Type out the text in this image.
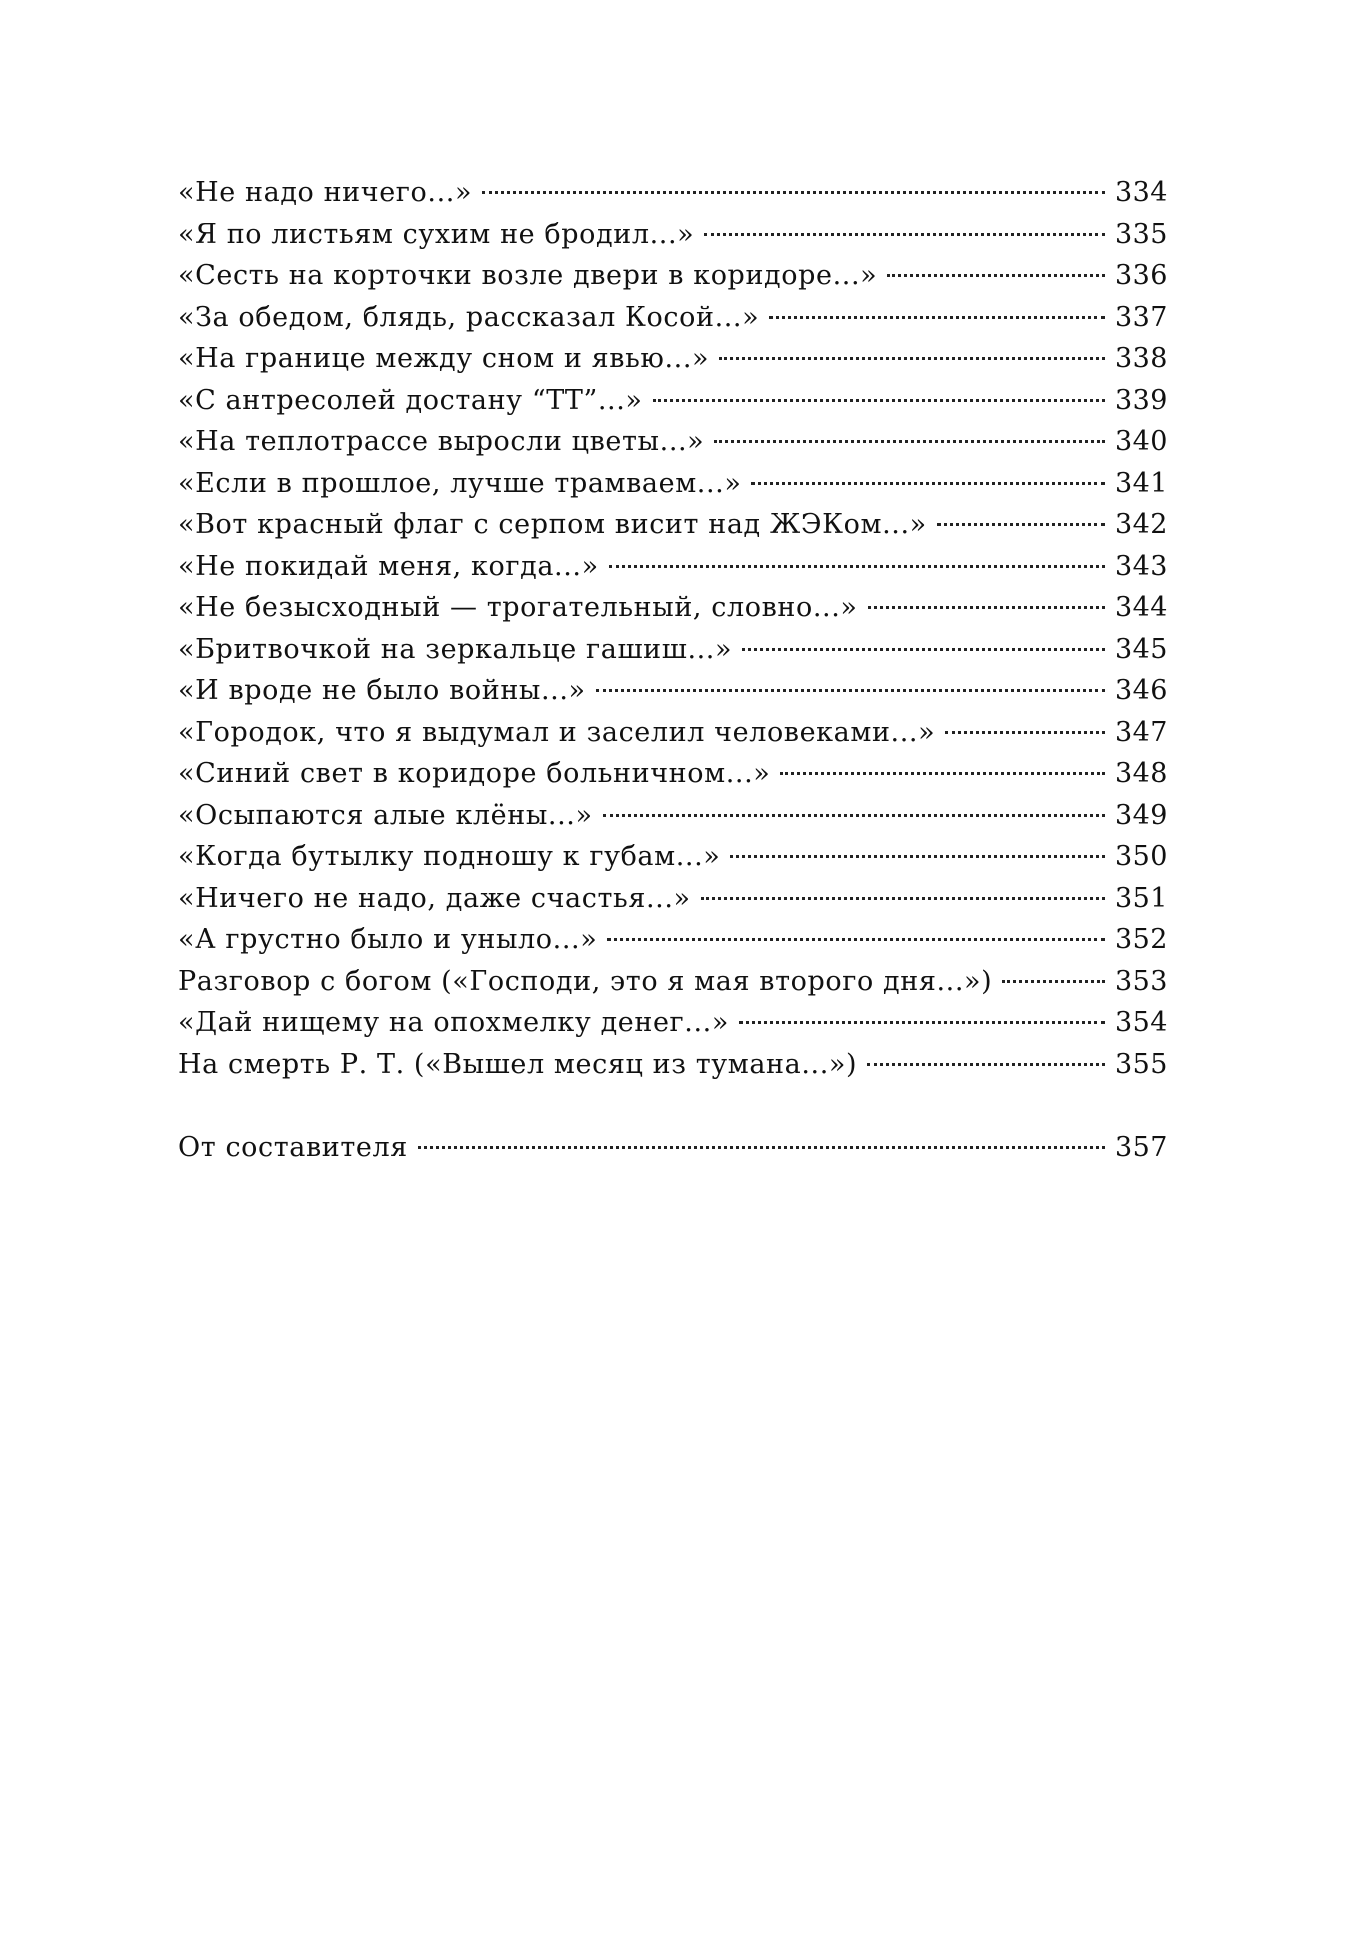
«Не надо ничего...»	334
«Я по листьям сухим не бродил...»	335
«Сесть на корточки возле двери в коридоре...»	336
«За обедом, блядь, рассказал Косой...»	337
«На границе между сном и явью...»	338
«С антресолей достану “ТТ”...»	339
«На теплотрассе выросли цветы...»	340
«Если в прошлое, лучше трамваем...»	341
«Вот красный флаг с серпом висит над ЖЭКом...»	342
«Не покидай меня, когда...»	343
«Не безысходный — трогательный, словно...»	344
«Бритвочкой на зеркальце гашиш...»	345
«И вроде не было войны...»	346
«Городок, что я выдумал и заселил человеками...»	347
«Синий свет в коридоре больничном...»	348
«Осыпаются алые клёны...»	349
«Когда бутылку подношу к губам...»	350
«Ничего не надо, даже счастья...»	351
«А грустно было и уныло...»	352
Разговор с богом («Господи, это я мая второго дня...»)	353
«Дай нищему на опохмелку денег...»	354
На смерть Р. Т. («Вышел месяц из тумана...»)	355
От составителя	357
